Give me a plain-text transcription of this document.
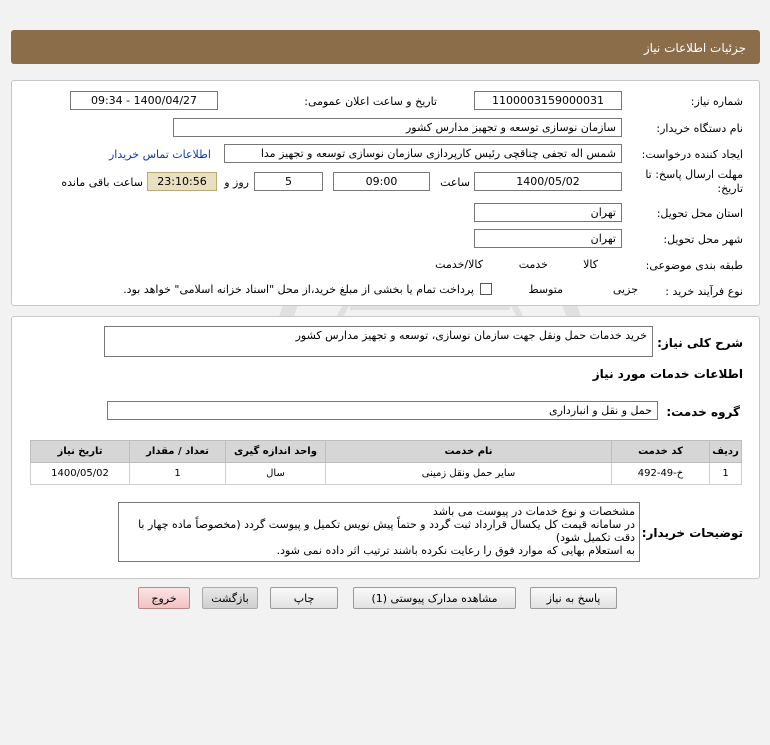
جزئیات اطلاعات نیاز
شماره نیاز:
1100003159000031
تاریخ و ساعت اعلان عمومی:
1400/04/27 - 09:34
نام دستگاه خریدار:
سازمان نوسازی توسعه و تجهیز مدارس کشور
ایجاد کننده درخواست:
شمس اله تجفی چناقچی رئیس کارپردازی سازمان نوسازی توسعه و تجهیز مدا
اطلاعات تماس خریدار
مهلت ارسال پاسخ: تا
تاریخ:
1400/05/02
ساعت
09:00
5
روز و
23:10:56
ساعت باقی مانده
استان محل تحویل:
تهران
شهر محل تحویل:
تهران
طبقه بندی موضوعی:

کالا

خدمت

کالا/خدمت
نوع فرآیند خرید :

جزیی
متوسط
پرداخت تمام یا بخشی از مبلغ خرید،از محل "اسناد خزانه اسلامی" خواهد بود.
شرح کلی نیاز:
خرید خدمات حمل ونقل جهت سازمان نوسازی، توسعه و تجهیز مدارس کشور
اطلاعات خدمات مورد نیاز
گروه خدمت:
حمل و نقل و انبارداری
ردیف	کد خدمت	نام خدمت	واحد اندازه گیری	تعداد / مقدار	تاریخ نیاز
1	خ-49-492	سایر حمل ونقل زمینی	سال	1	1400/05/02
توضیحات خریدار:
مشخصات و نوع خدمات در پیوست می باشد
در سامانه قیمت کل یکسال قرارداد ثبت گردد و حتماً پیش نویس تکمیل و پیوست گردد (مخصوصاً ماده چهار با دقت تکمیل شود)
به استعلام بهایی که موارد فوق را رعایت نکرده باشند ترتیب اثر داده نمی شود.
پاسخ به نیاز
مشاهده مدارک پیوستی (1)
چاپ
بازگشت
خروج
